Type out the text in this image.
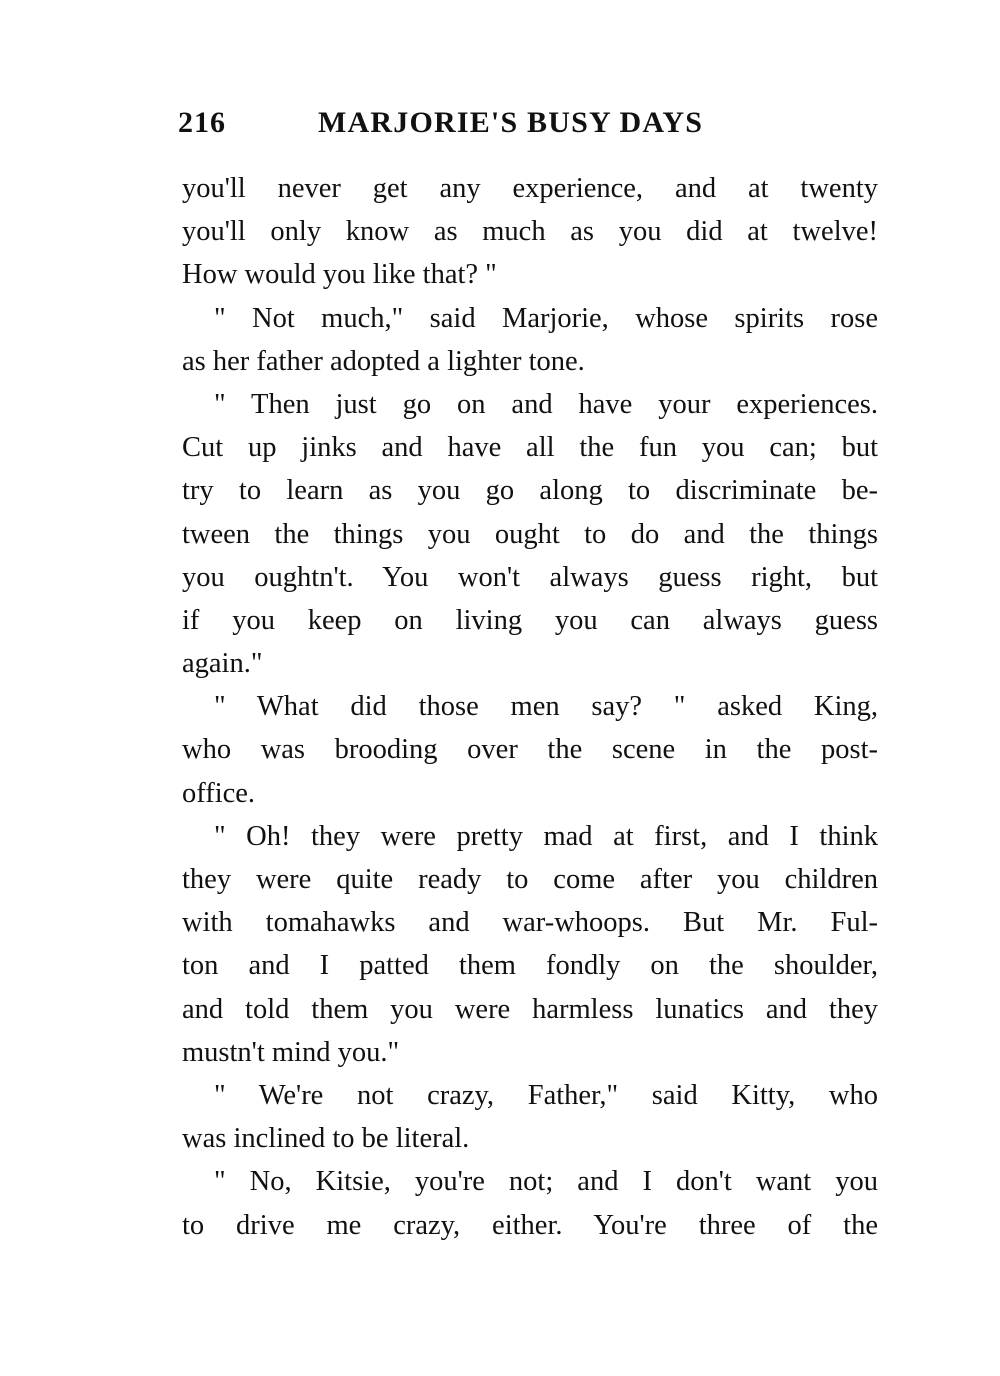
216	MARJORIE'S BUSY DAYS
you'll never get any experience, and at twenty
you'll only know as much as you did at twelve!
How would you like that? "
" Not much," said Marjorie, whose spirits rose
as her father adopted a lighter tone.
" Then just go on and have your experiences.
Cut up jinks and have all the fun you can; but
try to learn as you go along to discriminate be-
tween the things you ought to do and the things
you oughtn't. You won't always guess right, but
if you keep on living you can always guess
again."
" What did those men say? " asked King,
who was brooding over the scene in the post-
office.
" Oh! they were pretty mad at first, and I think
they were quite ready to come after you children
with tomahawks and war-whoops. But Mr. Ful-
ton and I patted them fondly on the shoulder,
and told them you were harmless lunatics and they
mustn't mind you."
" We're not crazy, Father," said Kitty, who
was inclined to be literal.
" No, Kitsie, you're not; and I don't want you
to drive me crazy, either. You're three of the
